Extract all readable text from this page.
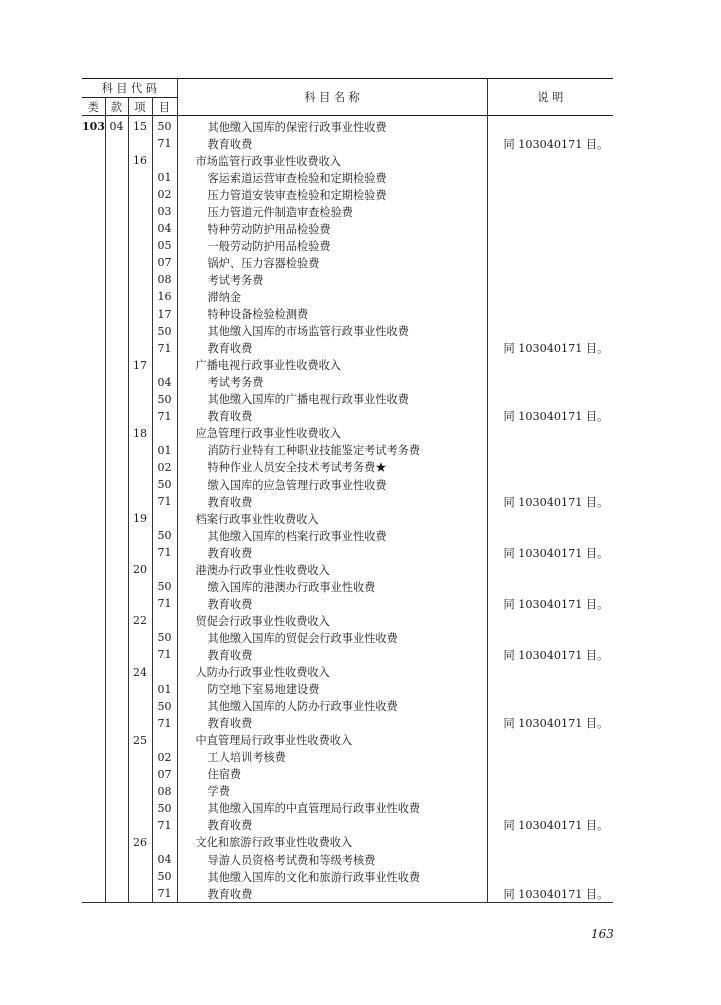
科 目 代 码				科 目 名 称	说 明
类	款	项	目		
103	04	15	50	其他缴入国库的保密行政事业性收费	
			71	教育收费	同 103040171 目。
		16		市场监管行政事业性收费收入	
			01	客运索道运营审查检验和定期检验费	
			02	压力管道安装审查检验和定期检验费	
			03	压力管道元件制造审查检验费	
			04	特种劳动防护用品检验费	
			05	一般劳动防护用品检验费	
			07	锅炉、压力容器检验费	
			08	考试考务费	
			16	滞纳金	
			17	特种设备检验检测费	
			50	其他缴入国库的市场监管行政事业性收费	
			71	教育收费	同 103040171 目。
		17		广播电视行政事业性收费收入	
			04	考试考务费	
			50	其他缴入国库的广播电视行政事业性收费	
			71	教育收费	同 103040171 目。
		18		应急管理行政事业性收费收入	
			01	消防行业特有工种职业技能鉴定考试考务费	
			02	特种作业人员安全技术考试考务费★	
			50	缴入国库的应急管理行政事业性收费	
			71	教育收费	同 103040171 目。
		19		档案行政事业性收费收入	
			50	其他缴入国库的档案行政事业性收费	
			71	教育收费	同 103040171 目。
		20		港澳办行政事业性收费收入	
			50	缴入国库的港澳办行政事业性收费	
			71	教育收费	同 103040171 目。
		22		贸促会行政事业性收费收入	
			50	其他缴入国库的贸促会行政事业性收费	
			71	教育收费	同 103040171 目。
		24		人防办行政事业性收费收入	
			01	防空地下室易地建设费	
			50	其他缴入国库的人防办行政事业性收费	
			71	教育收费	同 103040171 目。
		25		中直管理局行政事业性收费收入	
			02	工人培训考核费	
			07	住宿费	
			08	学费	
			50	其他缴入国库的中直管理局行政事业性收费	
			71	教育收费	同 103040171 目。
		26		文化和旅游行政事业性收费收入	
			04	导游人员资格考试费和等级考核费	
			50	其他缴入国库的文化和旅游行政事业性收费	
			71	教育收费	同 103040171 目。
163
